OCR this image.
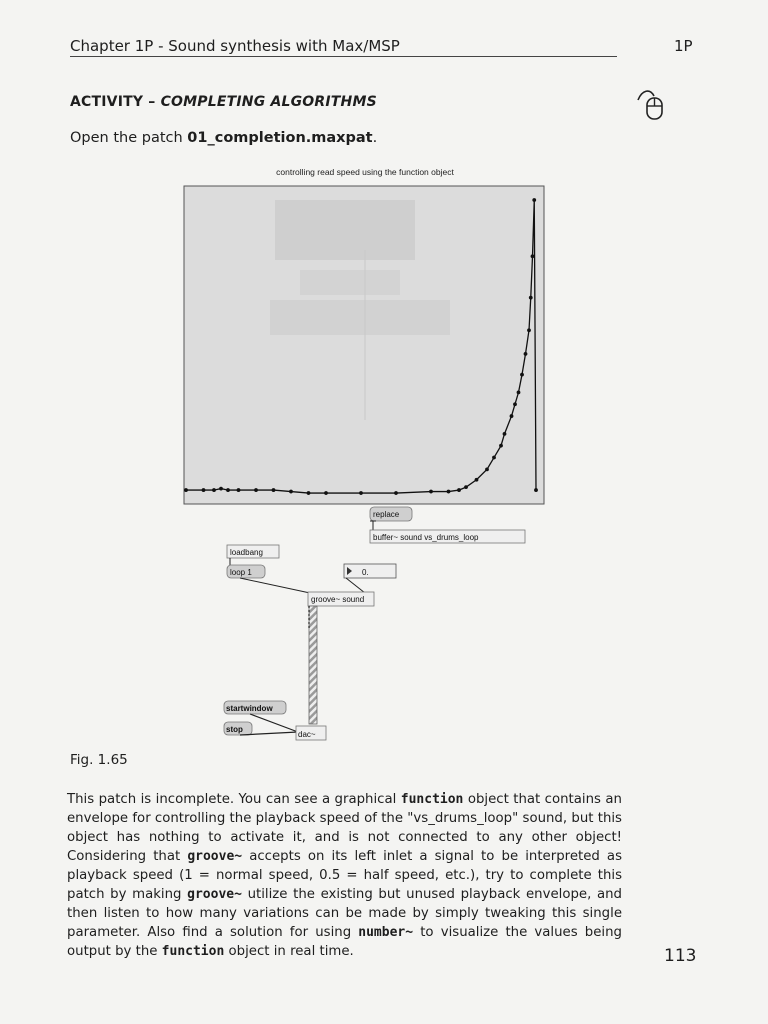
Chapter 1P - Sound synthesis with Max/MSP	1P
ACTIVITY – COMPLETING ALGORITHMS
Open the patch 01_completion.maxpat.
controlling read speed using the function object
replace
buffer~ sound vs_drums_loop
loadbang
loop 1	0.
groove~ sound
startwindow
stop
dac~
Fig. 1.65
This patch is incomplete. You can see a graphical function object that contains an envelope for controlling the playback speed of the "vs_drums_loop" sound, but this object has nothing to activate it, and is not connected to any other object! Considering that groove~ accepts on its left inlet a signal to be interpreted as playback speed (1 = normal speed, 0.5 = half speed, etc.), try to complete this patch by making groove~ utilize the existing but unused playback envelope, and then listen to how many variations can be made by simply tweaking this single parameter. Also find a solution for using number~ to visualize the values being output by the function object in real time.	113
